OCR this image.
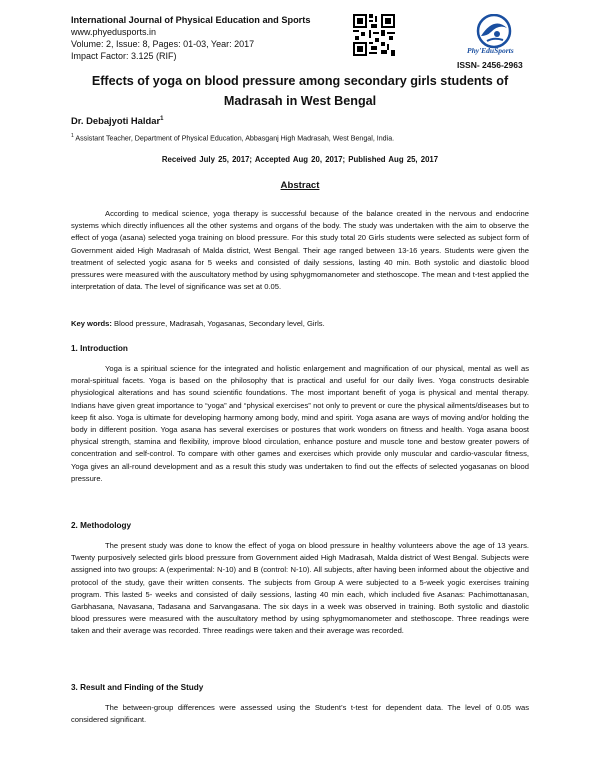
International Journal of Physical Education and Sports
www.phyedusports.in
Volume: 2, Issue: 8, Pages: 01-03, Year: 2017
Impact Factor: 3.125 (RIF)
Phy'EduSports
ISSN- 2456-2963
Effects of yoga on blood pressure among secondary girls students of Madrasah in West Bengal
Dr. Debajyoti Haldar$^1$
$^1$ Assistant Teacher, Department of Physical Education, Abbasganj High Madrasah, West Bengal, India.
Received July 25, 2017; Accepted Aug 20, 2017; Published Aug 25, 2017
Abstract
According to medical science, yoga therapy is successful because of the balance created in the nervous and endocrine systems which directly influences all the other systems and organs of the body. The study was undertaken with the aim to observe the effect of yoga (asana) selected yoga training on blood pressure. For this study total 20 Girls students were selected as subject form of Government aided High Madrasah of Malda district, West Bengal. Their age ranged between 13-16 years. Students were given the treatment of selected yogic asana for 5 weeks and consisted of daily sessions, lasting 40 min. Both systolic and diastolic blood pressures were measured with the auscultatory method by using sphygmomanometer and stethoscope. The mean and t-test applied the interpretation of data. The level of significance was set at 0.05.
Key words: Blood pressure, Madrasah, Yogasanas, Secondary level, Girls.
1. Introduction
Yoga is a spiritual science for the integrated and holistic enlargement and magnification of our physical, mental as well as moral-spiritual facets. Yoga is based on the philosophy that is practical and useful for our daily lives. Yoga constructs desirable physiological alterations and has sound scientific foundations. The most important benefit of yoga is physical and mental therapy. Indians have given great importance to “yoga” and “physical exercises” not only to prevent or cure the physical ailments/diseases but to keep fit also. Yoga is ultimate for developing harmony among body, mind and spirit. Yoga asana are ways of moving and/or holding the body in different position. Yoga asana has several exercises or postures that work wonders on fitness and health. Yoga asana boost physical strength, stamina and flexibility, improve blood circulation, enhance posture and muscle tone and bestow greater powers of concentration and self-control. To compare with other games and exercises which provide only muscular and cardio-vascular fitness, Yoga gives an all-round development and as a result this study was undertaken to find out the effects of selected yogasanas on blood pressure.
2. Methodology
The present study was done to know the effect of yoga on blood pressure in healthy volunteers above the age of 13 years. Twenty purposively selected girls blood pressure from Government aided High Madrasah, Malda district of West Bengal. Subjects were assigned into two groups: A (experimental: N-10) and B (control: N-10). All subjects, after having been informed about the objective and protocol of the study, gave their written consents. The subjects from Group A were subjected to a 5-week yogic exercises training program. This lasted 5- weeks and consisted of daily sessions, lasting 40 min each, which included five Asanas: Pachimottanasan, Garbhasana, Navasana, Tadasana and Sarvangasana. The six days in a week was observed in training. Both systolic and diastolic blood pressures were measured with the auscultatory method by using sphygmomanometer and stethoscope. Three readings were taken and their average was recorded. Three readings were taken and their average was recorded.
3. Result and Finding of the Study
The between-group differences were assessed using the Student’s t-test for dependent data. The level of 0.05 was considered significant.
